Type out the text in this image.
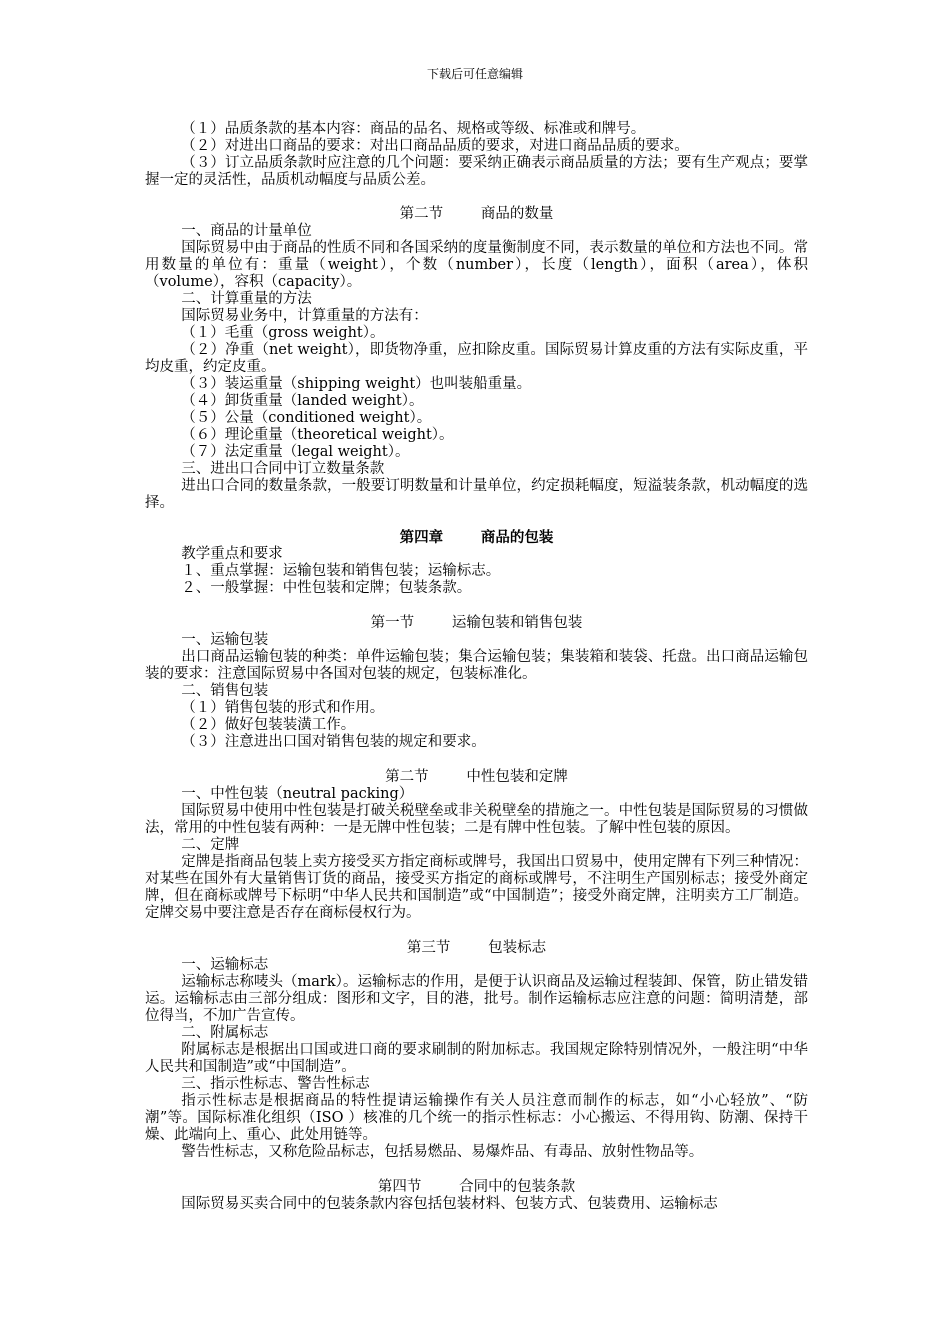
下载后可任意编辑

（１）品质条款的基本内容：商品的品名、规格或等级、标准或和牌号。

（２）对进出口商品的要求：对出口商品品质的要求，对进口商品品质的要求。

（３）订立品质条款时应注意的几个问题：要采纳正确表示商品质量的方法；要有生产观点；要掌握一定的灵活性，品质机动幅度与品质公差。

第二节	商品的数量

一、商品的计量单位

国际贸易中由于商品的性质不同和各国采纳的度量衡制度不同，表示数量的单位和方法也不同。常用数量的单位有：重量（weight），个数（number），长度（length），面积（area），体积（volume），容积（capacity）。

二、计算重量的方法

国际贸易业务中，计算重量的方法有：

（１）毛重（gross weight）。

（２）净重（net weight），即货物净重，应扣除皮重。国际贸易计算皮重的方法有实际皮重，平均皮重，约定皮重。

（３）装运重量（shipping weight）也叫装船重量。

（４）卸货重量（landed weight）。

（５）公量（conditioned weight）。

（６）理论重量（theoretical weight）。

（７）法定重量（legal weight）。

三、进出口合同中订立数量条款

进出口合同的数量条款，一般要订明数量和计量单位，约定损耗幅度，短溢装条款，机动幅度的选择。

第四章	商品的包装

教学重点和要求

１、重点掌握：运输包装和销售包装；运输标志。

２、一般掌握：中性包装和定牌；包装条款。

第一节	运输包装和销售包装

一、运输包装

出口商品运输包装的种类：单件运输包装；集合运输包装；集装箱和装袋、托盘。出口商品运输包装的要求：注意国际贸易中各国对包装的规定，包装标准化。

二、销售包装

（１）销售包装的形式和作用。

（２）做好包装装潢工作。

（３）注意进出口国对销售包装的规定和要求。

第二节	中性包装和定牌

一、中性包装（neutral packing）

国际贸易中使用中性包装是打破关税壁垒或非关税壁垒的措施之一。中性包装是国际贸易的习惯做法，常用的中性包装有两种：一是无牌中性包装；二是有牌中性包装。了解中性包装的原因。

二、定牌

定牌是指商品包装上卖方接受买方指定商标或牌号，我国出口贸易中，使用定牌有下列三种情况：对某些在国外有大量销售订货的商品，接受买方指定的商标或牌号，不注明生产国别标志；接受外商定牌，但在商标或牌号下标明“中华人民共和国制造”或“中国制造”；接受外商定牌，注明卖方工厂制造。定牌交易中要注意是否存在商标侵权行为。

第三节	包装标志

一、运输标志

运输标志称唛头（mark）。运输标志的作用，是便于认识商品及运输过程装卸、保管，防止错发错运。运输标志由三部分组成：图形和文字，目的港，批号。制作运输标志应注意的问题：简明清楚，部位得当，不加广告宣传。

二、附属标志

附属标志是根据出口国或进口商的要求刷制的附加标志。我国规定除特别情况外，一般注明“中华人民共和国制造”或“中国制造”。

三、指示性标志、警告性标志

指示性标志是根据商品的特性提请运输操作有关人员注意而制作的标志，如“小心轻放”、“防潮”等。国际标准化组织（ISO ）核准的几个统一的指示性标志：小心搬运、不得用钩、防潮、保持干燥、此端向上、重心、此处用链等。

警告性标志，又称危险品标志，包括易燃品、易爆炸品、有毒品、放射性物品等。

第四节	合同中的包装条款

国际贸易买卖合同中的包装条款内容包括包装材料、包装方式、包装费用、运输标志
